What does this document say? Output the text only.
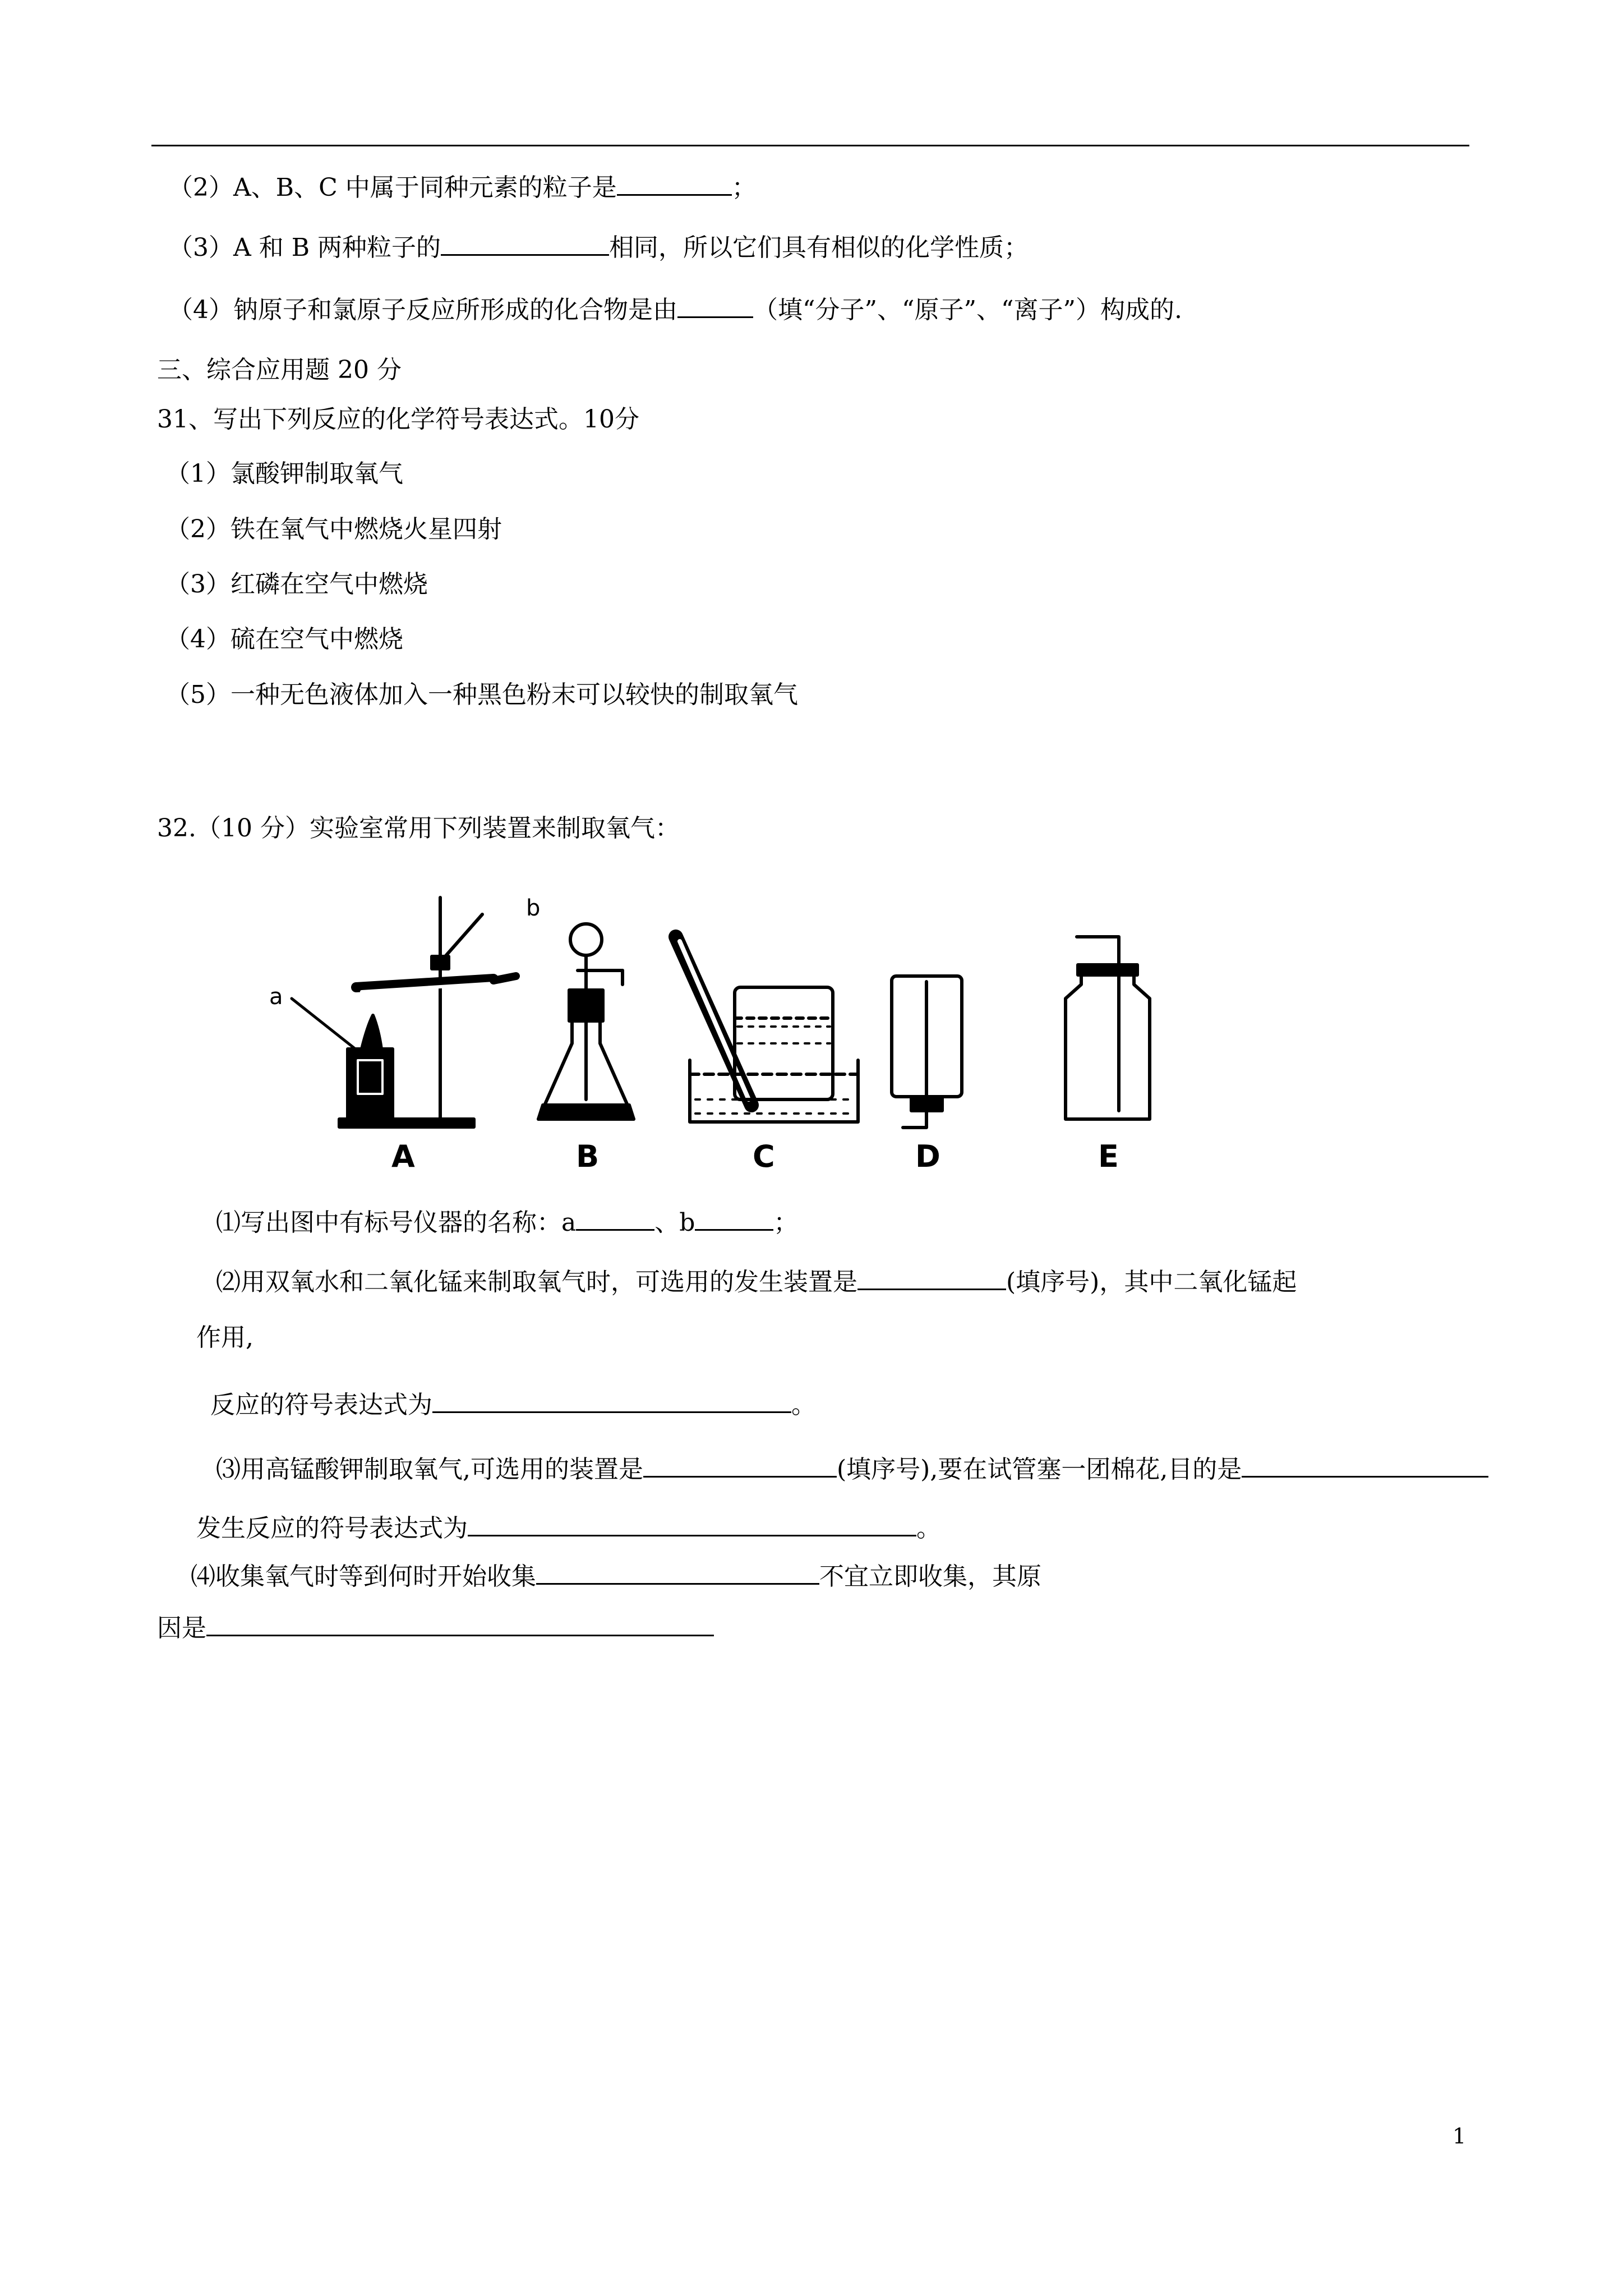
（2）A、B、C 中属于同种元素的粒子是	；
（3）A 和 B 两种粒子的	相同，所以它们具有相似的化学性质；
（4）钠原子和氯原子反应所形成的化合物是由	（填“分子”、“原子”、“离子”）构成的.
三、综合应用题 20 分
31、写出下列反应的化学符号表达式。10分
（1）氯酸钾制取氧气
（2）铁在氧气中燃烧火星四射
（3）红磷在空气中燃烧
（4）硫在空气中燃烧
（5）一种无色液体加入一种黑色粉末可以较快的制取氧气
32.（10 分）实验室常用下列装置来制取氧气：
a
A
b
B	C	D	E
⑴写出图中有标号仪器的名称：a	、b	；
⑵用双氧水和二氧化锰来制取氧气时，可选用的发生装置是	(填序号)，其中二氧化锰起
作用,
反应的符号表达式为	。
⑶用高锰酸钾制取氧气,可选用的装置是	(填序号),要在试管塞一团棉花,目的是
发生反应的符号表达式为	。
⑷收集氧气时等到何时开始收集	不宜立即收集，其原
因是
1
